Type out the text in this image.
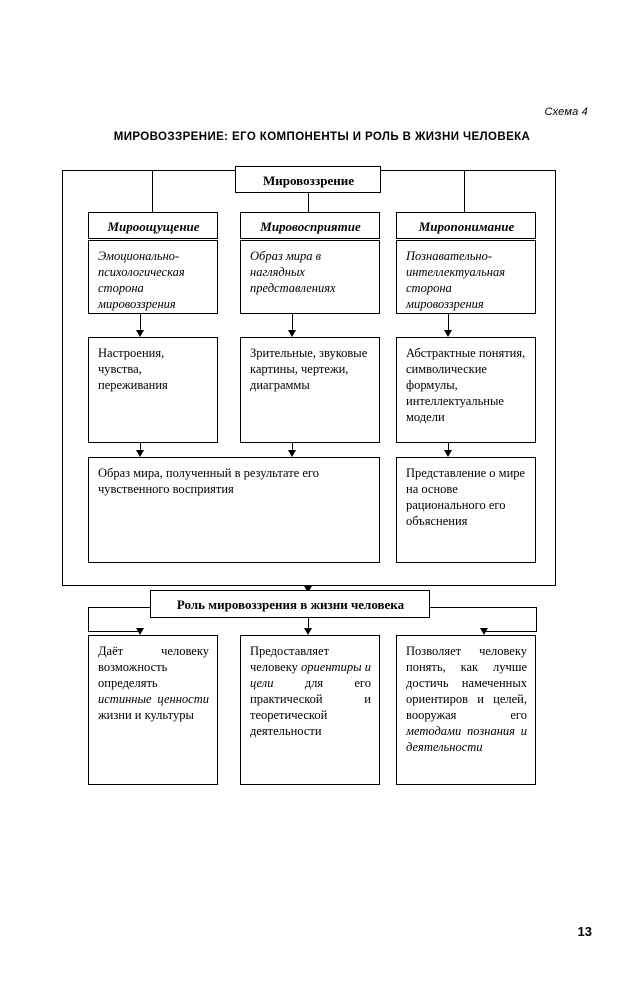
Схема 4
МИРОВОЗЗРЕНИЕ: ЕГО КОМПОНЕНТЫ И РОЛЬ В ЖИЗНИ ЧЕЛОВЕКА
Мировоззрение
Мироощущение	Мировосприятие	Миропонимание
Эмоционально-психологическая сторона мировоззрения
Образ мира в наглядных представлениях
Познавательно-интеллектуальная сторона мировоззрения
Настроения, чувства, переживания
Зрительные, звуковые картины, чертежи, диаграммы
Абстрактные понятия, символические формулы, интеллектуальные модели
Образ мира, полученный в результате его чувственного восприятия
Представление о мире на основе рационального его объяснения
Роль мировоззрения в жизни человека
Даёт человеку возможность определять истинные ценности жизни и культуры
Предоставляет человеку ориентиры и цели для его практической и теоретической деятельности
Позволяет человеку понять, как лучше достичь намеченных ориентиров и целей, вооружая его методами познания и деятельности
13
